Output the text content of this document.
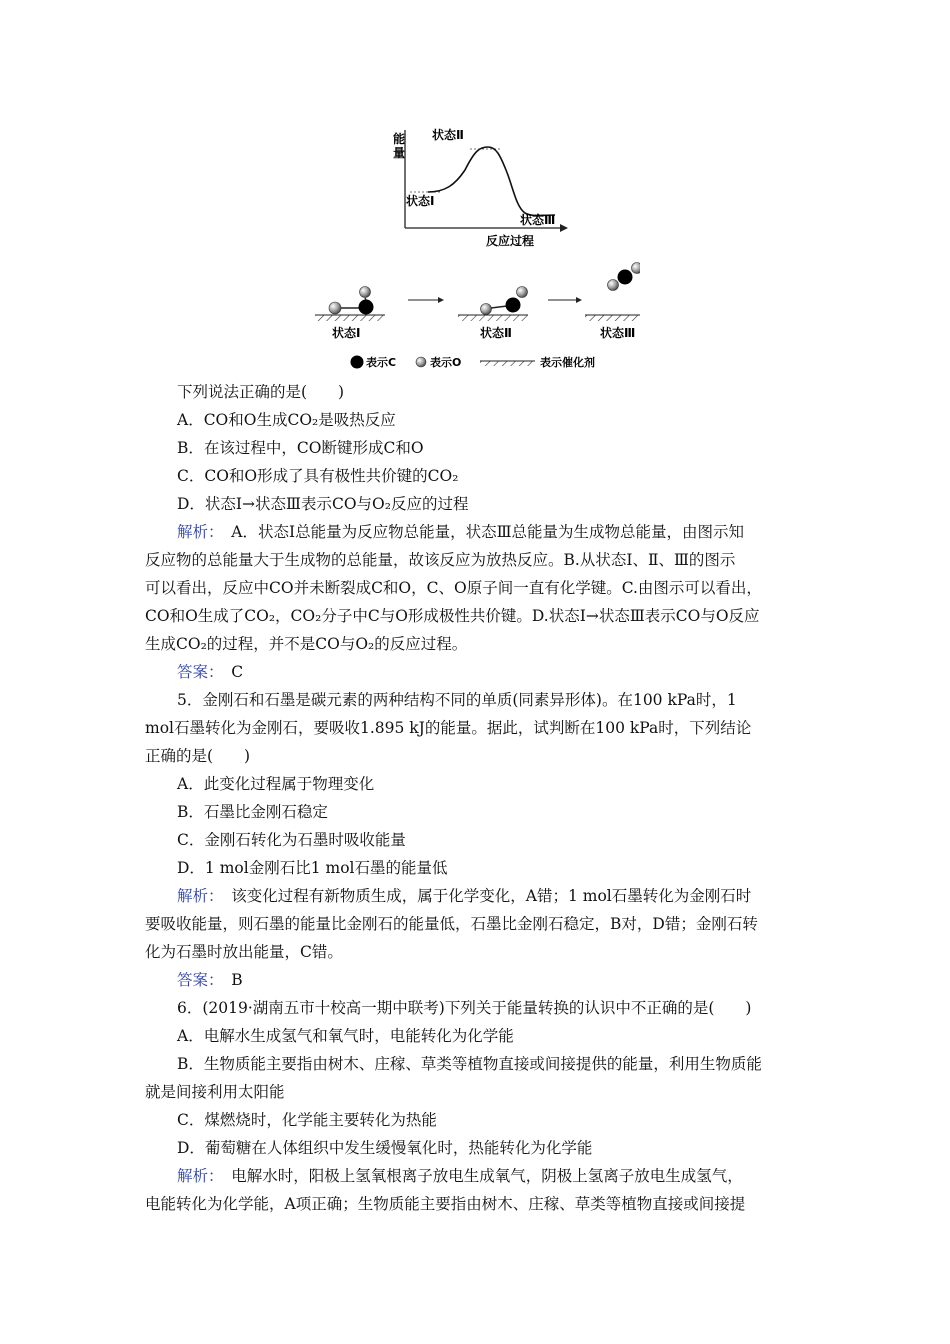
能
量
反应过程
状态Ⅱ
状态Ⅰ
状态Ⅲ
状态Ⅰ	状态Ⅱ	状态Ⅲ
表示C	表示O	表示催化剂
下列说法正确的是(　　)
A．CO和O生成CO₂是吸热反应
B．在该过程中，CO断键形成C和O
C．CO和O形成了具有极性共价键的CO₂
D．状态Ⅰ→状态Ⅲ表示CO与O₂反应的过程
解析：　A．状态Ⅰ总能量为反应物总能量，状态Ⅲ总能量为生成物总能量，由图示知
反应物的总能量大于生成物的总能量，故该反应为放热反应。B.从状态Ⅰ、Ⅱ、Ⅲ的图示
可以看出，反应中CO并未断裂成C和O，C、O原子间一直有化学键。C.由图示可以看出，
CO和O生成了CO₂，CO₂分子中C与O形成极性共价键。D.状态Ⅰ→状态Ⅲ表示CO与O反应
生成CO₂的过程，并不是CO与O₂的反应过程。
答案：　C
5．金刚石和石墨是碳元素的两种结构不同的单质(同素异形体)。在100 kPa时，1
mol石墨转化为金刚石，要吸收1.895 kJ的能量。据此，试判断在100 kPa时，下列结论
正确的是(　　)
A．此变化过程属于物理变化
B．石墨比金刚石稳定
C．金刚石转化为石墨时吸收能量
D．1 mol金刚石比1 mol石墨的能量低
解析：　该变化过程有新物质生成，属于化学变化，A错；1 mol石墨转化为金刚石时
要吸收能量，则石墨的能量比金刚石的能量低，石墨比金刚石稳定，B对，D错；金刚石转
化为石墨时放出能量，C错。
答案：　B
6．(2019·湖南五市十校高一期中联考)下列关于能量转换的认识中不正确的是(　　)
A．电解水生成氢气和氧气时，电能转化为化学能
B．生物质能主要指由树木、庄稼、草类等植物直接或间接提供的能量，利用生物质能
就是间接利用太阳能
C．煤燃烧时，化学能主要转化为热能
D．葡萄糖在人体组织中发生缓慢氧化时，热能转化为化学能
解析：　电解水时，阳极上氢氧根离子放电生成氧气，阴极上氢离子放电生成氢气，
电能转化为化学能，A项正确；生物质能主要指由树木、庄稼、草类等植物直接或间接提
